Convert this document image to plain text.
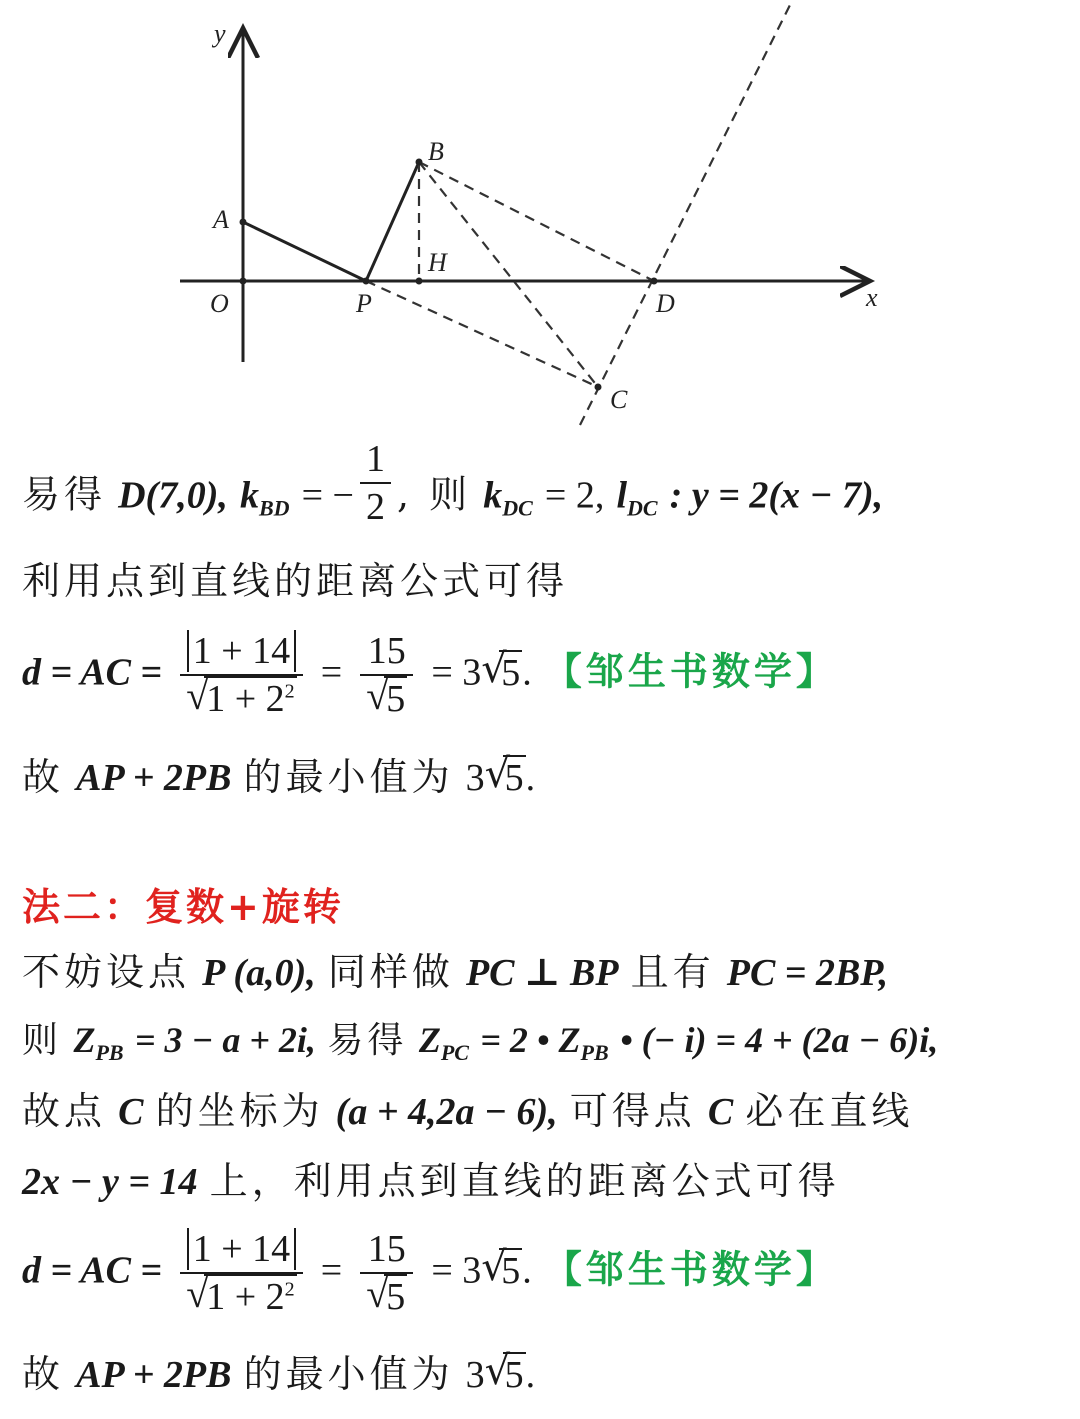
y
x
O
A
B
H
P	D
C
易得 D(7,0), $k_{BD}$ = − $\frac{1}{2}$ , 则 $k_{DC} = 2$, $l_{DC}$ : y = 2(x − 7),
利用点到直线的距离公式可得
d = AC = 1 + 14
√ $1 + 2^2 = 15$
√ 5 = 3 √ 5. 【邹生书数学】
故 AP + 2PB 的最小值为 3 √ 5.
法二：复数+旋转
不妨设点 P (a,0), 同样做 PC ⊥ BP 且有 PC = 2BP,
则 $Z_{PB} = 3 - a + 2i$, 易得 $Z_{PC} = 2$ • $Z_{PB}$ • (− i) = 4 + (2a − 6)i,
故点 C 的坐标为 (a + 4,2a − 6), 可得点 C 必在直线
2x − y = 14 上，利用点到直线的距离公式可得
d = AC = 1 + 14
√ $1 + 2^2 = 15$
√ 5 = 3 √ 5. 【邹生书数学】
故 AP + 2PB 的最小值为 3 √ 5.
